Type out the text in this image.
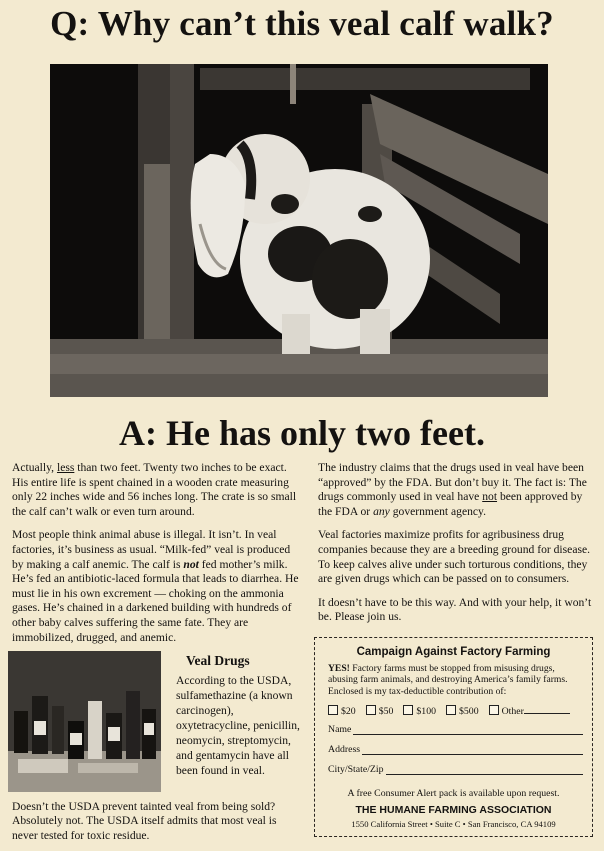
Q: Why can’t this veal calf walk?
A: He has only two feet.

Actually, less than two feet. Twenty two inches to be exact. His entire life is spent chained in a wooden crate measuring only 22 inches wide and 56 inches long. The crate is so small the calf can’t walk or even turn around.

Most people think animal abuse is illegal. It isn’t. In veal factories, it’s business as usual. “Milk-fed” veal is produced by making a calf anemic. The calf is not fed mother’s milk. He’s fed an antibiotic-laced formula that leads to diarrhea. He must lie in his own excrement — choking on the ammonia gases. He’s chained in a darkened building with hundreds of other baby calves suffering the same fate. They are immobilized, drugged, and anemic.

The industry claims that the drugs used in veal have been “approved” by the FDA. But don’t buy it. The fact is: The drugs commonly used in veal have not been approved by the FDA or any government agency.

Veal factories maximize profits for agribusiness drug companies because they are a breeding ground for disease. To keep calves alive under such torturous conditions, they are given drugs which can be passed on to consumers.

It doesn’t have to be this way. And with your help, it won’t be. Please join us.

Veal Drugs
According to the USDA, sulfamethazine (a known carcinogen), oxytetracycline, penicillin, neomycin, streptomycin, and gentamycin have all been found in veal.
Doesn’t the USDA prevent tainted veal from being sold? Absolutely not. The USDA itself admits that most veal is never tested for toxic residue.
Campaign Against Factory Farming
YES! Factory farms must be stopped from misusing drugs, abusing farm animals, and destroying America’s family farms. Enclosed is my tax-deductible contribution of:
$20	$50	$100	$500	Other
Name
Address
City/State/Zip
A free Consumer Alert pack is available upon request.
THE HUMANE FARMING ASSOCIATION
1550 California Street • Suite C • San Francisco, CA 94109
